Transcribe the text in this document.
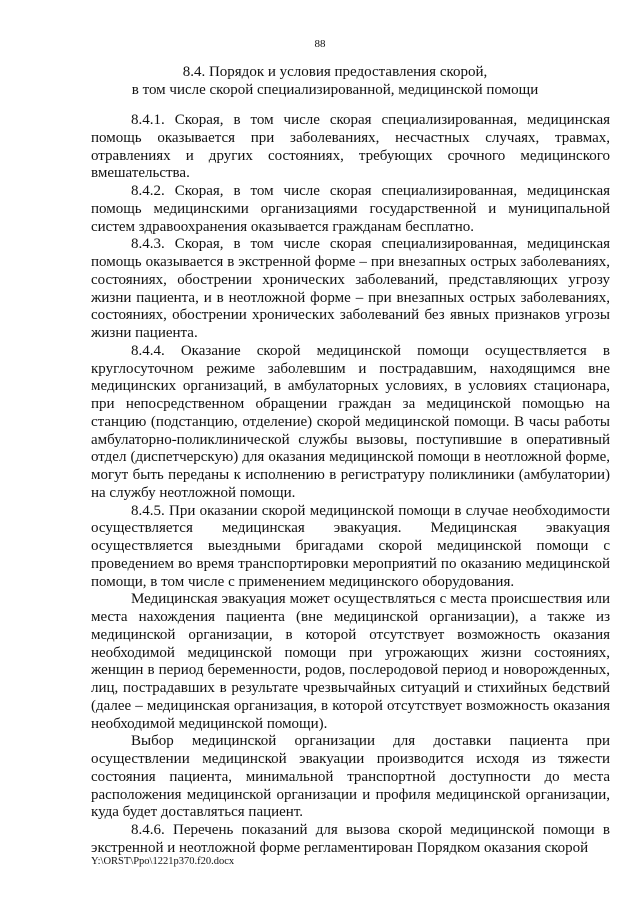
88
8.4. Порядок и условия предоставления скорой,
в том числе скорой специализированной, медицинской помощи

8.4.1. Скорая, в том числе скорая специализированная, медицинская помощь оказывается при заболеваниях, несчастных случаях, травмах, отравлениях и других состояниях, требующих срочного медицинского вмешательства.

8.4.2. Скорая, в том числе скорая специализированная, медицинская помощь медицинскими организациями государственной и муниципальной систем здравоохранения оказывается гражданам бесплатно.

8.4.3. Скорая, в том числе скорая специализированная, медицинская помощь оказывается в экстренной форме – при внезапных острых заболеваниях, состояниях, обострении хронических заболеваний, представляющих угрозу жизни пациента, и в неотложной форме – при внезапных острых заболеваниях, состояниях, обострении хронических заболеваний без явных признаков угрозы жизни пациента.

8.4.4. Оказание скорой медицинской помощи осуществляется в круглосуточном режиме заболевшим и пострадавшим, находящимся вне медицинских организаций, в амбулаторных условиях, в условиях стационара, при непосредственном обращении граждан за медицинской помощью на станцию (подстанцию, отделение) скорой медицинской помощи. В часы работы амбулаторно-поликлинической службы вызовы, поступившие в оперативный отдел (диспетчерскую) для оказания медицинской помощи в неотложной форме, могут быть переданы к исполнению в регистратуру поликлиники (амбулатории) на службу неотложной помощи.

8.4.5. При оказании скорой медицинской помощи в случае необходимости осуществляется медицинская эвакуация. Медицинская эвакуация осуществляется выездными бригадами скорой медицинской помощи с проведением во время транспортировки мероприятий по оказанию медицинской помощи, в том числе с применением медицинского оборудования.

Медицинская эвакуация может осуществляться с места происшествия или места нахождения пациента (вне медицинской организации), а также из медицинской организации, в которой отсутствует возможность оказания необходимой медицинской помощи при угрожающих жизни состояниях, женщин в период беременности, родов, послеродовой период и новорожденных, лиц, пострадавших в результате чрезвычайных ситуаций и стихийных бедствий (далее – медицинская организация, в которой отсутствует возможность оказания необходимой медицинской помощи).

Выбор медицинской организации для доставки пациента при осуществлении медицинской эвакуации производится исходя из тяжести состояния пациента, минимальной транспортной доступности до места расположения медицинской организации и профиля медицинской организации, куда будет доставляться пациент.

8.4.6. Перечень показаний для вызова скорой медицинской помощи в экстренной и неотложной форме регламентирован Порядком оказания скорой

Y:\ORST\Ppo\1221p370.f20.docx
